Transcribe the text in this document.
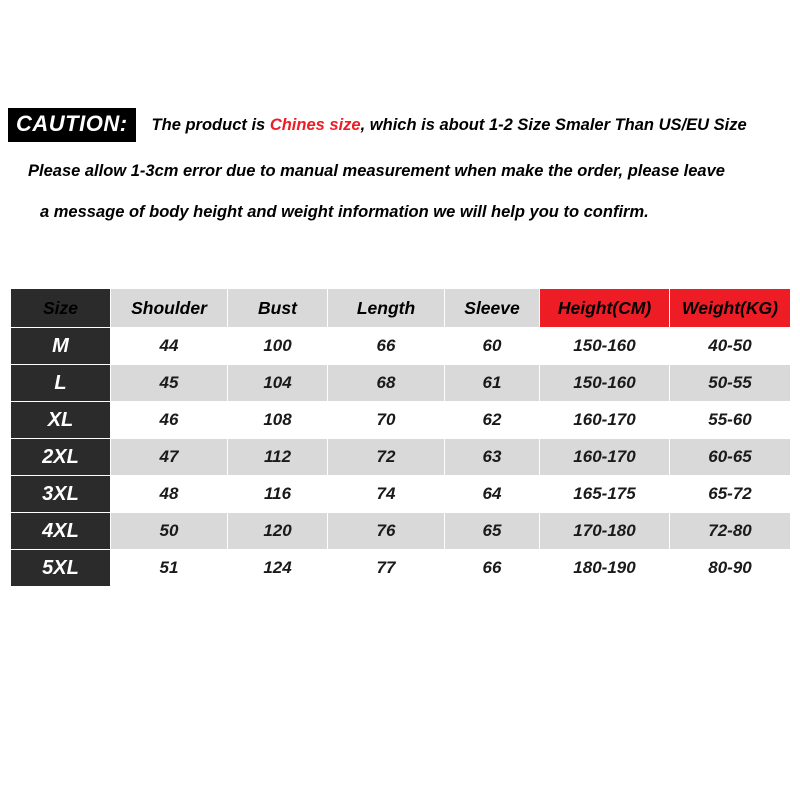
CAUTION:	The product is Chines size, which is about 1-2 Size Smaler Than US/EU Size
Please allow 1-3cm error due to manual measurement when make the order, please leave
a message of body height and weight information we will help you to confirm.
Size	Shoulder	Bust	Length	Sleeve	Height(CM)	Weight(KG)
M	44	100	66	60	150-160	40-50
L	45	104	68	61	150-160	50-55
XL	46	108	70	62	160-170	55-60
2XL	47	112	72	63	160-170	60-65
3XL	48	116	74	64	165-175	65-72
4XL	50	120	76	65	170-180	72-80
5XL	51	124	77	66	180-190	80-90
